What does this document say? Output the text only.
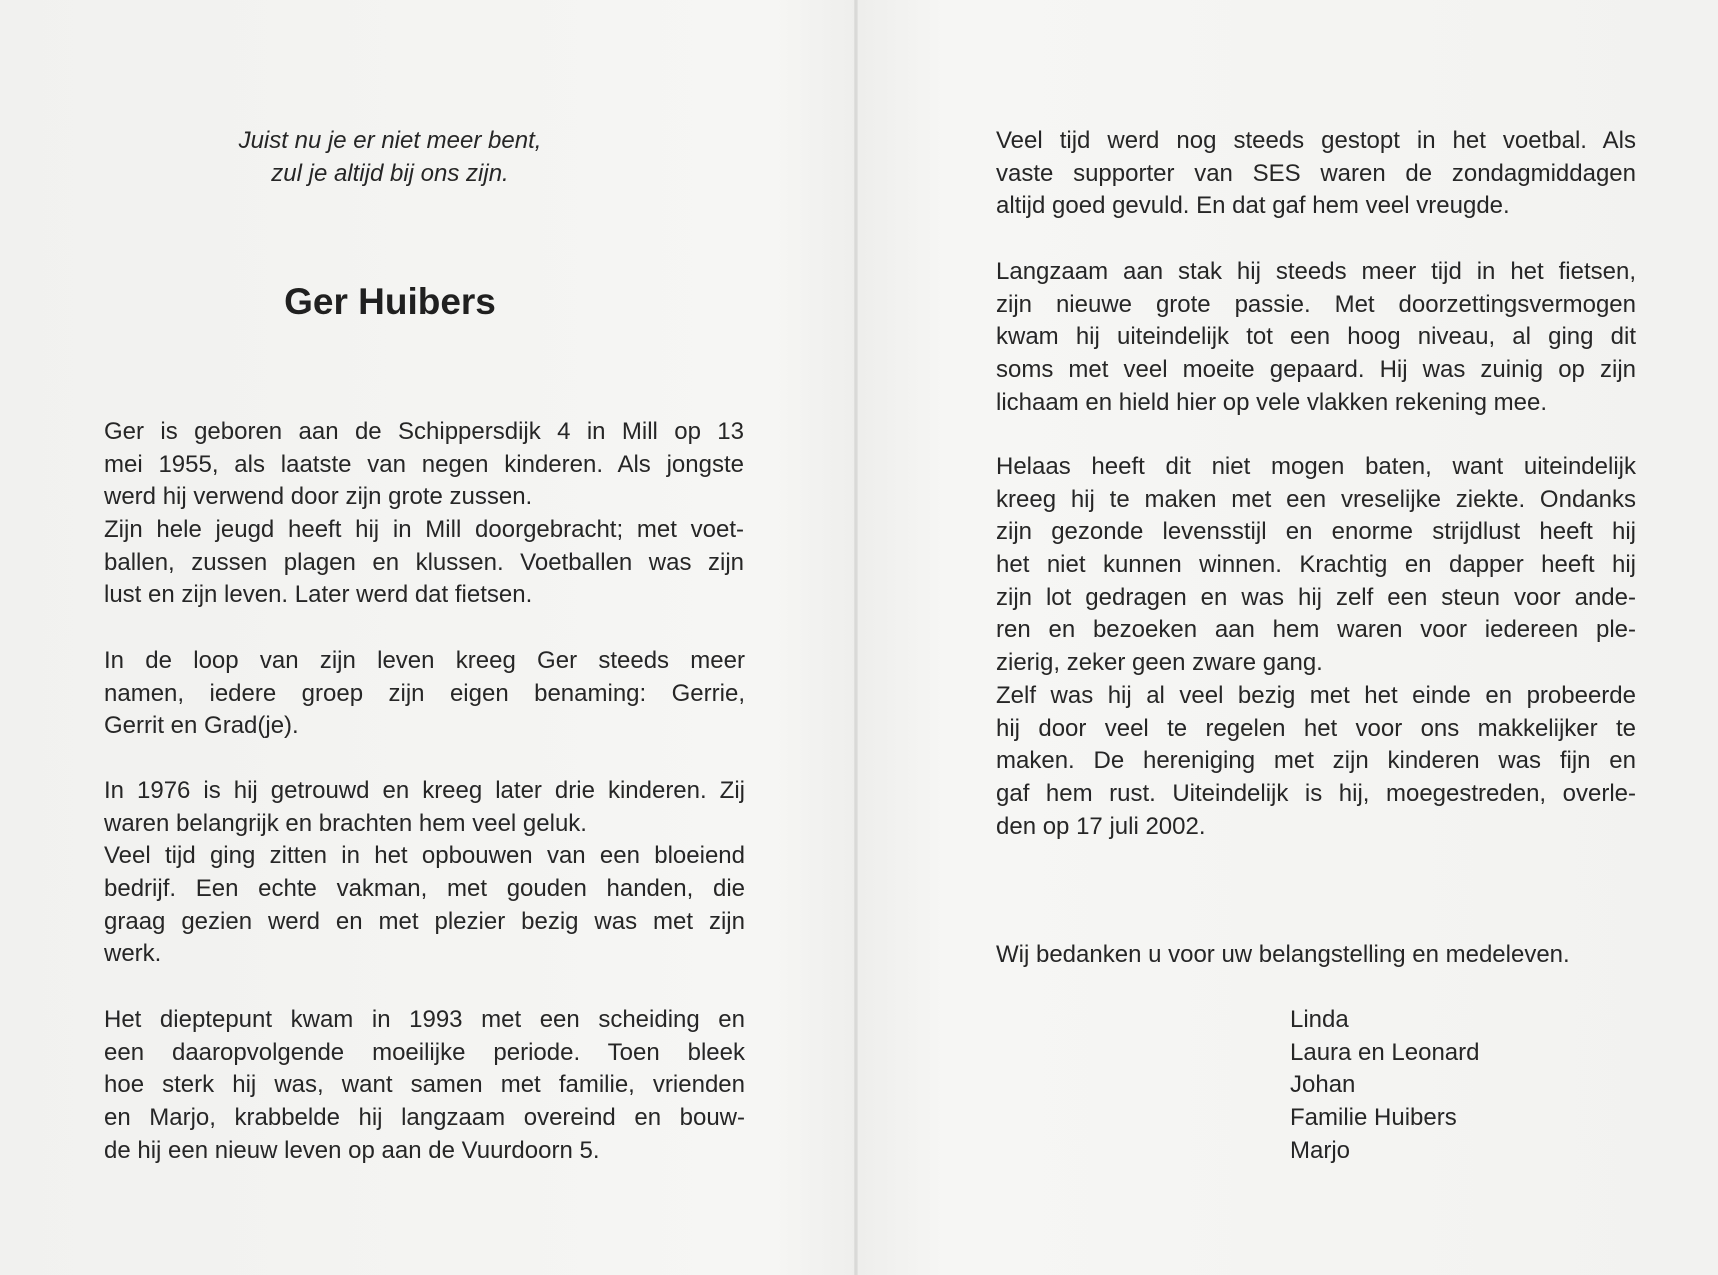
Juist nu je er niet meer bent,
zul je altijd bij ons zijn.
Ger Huibers
Ger is geboren aan de Schippersdijk 4 in Mill op 13
mei 1955, als laatste van negen kinderen. Als jongste
werd hij verwend door zijn grote zussen.
Zijn hele jeugd heeft hij in Mill doorgebracht; met voet-
ballen, zussen plagen en klussen. Voetballen was zijn
lust en zijn leven. Later werd dat fietsen.
In de loop van zijn leven kreeg Ger steeds meer
namen, iedere groep zijn eigen benaming: Gerrie,
Gerrit en Grad(je).
In 1976 is hij getrouwd en kreeg later drie kinderen. Zij
waren belangrijk en brachten hem veel geluk.
Veel tijd ging zitten in het opbouwen van een bloeiend
bedrijf. Een echte vakman, met gouden handen, die
graag gezien werd en met plezier bezig was met zijn
werk.
Het dieptepunt kwam in 1993 met een scheiding en
een daaropvolgende moeilijke periode. Toen bleek
hoe sterk hij was, want samen met familie, vrienden
en Marjo, krabbelde hij langzaam overeind en bouw-
de hij een nieuw leven op aan de Vuurdoorn 5.
Veel tijd werd nog steeds gestopt in het voetbal. Als
vaste supporter van SES waren de zondagmiddagen
altijd goed gevuld. En dat gaf hem veel vreugde.
Langzaam aan stak hij steeds meer tijd in het fietsen,
zijn nieuwe grote passie. Met doorzettingsvermogen
kwam hij uiteindelijk tot een hoog niveau, al ging dit
soms met veel moeite gepaard. Hij was zuinig op zijn
lichaam en hield hier op vele vlakken rekening mee.
Helaas heeft dit niet mogen baten, want uiteindelijk
kreeg hij te maken met een vreselijke ziekte. Ondanks
zijn gezonde levensstijl en enorme strijdlust heeft hij
het niet kunnen winnen. Krachtig en dapper heeft hij
zijn lot gedragen en was hij zelf een steun voor ande-
ren en bezoeken aan hem waren voor iedereen ple-
zierig, zeker geen zware gang.
Zelf was hij al veel bezig met het einde en probeerde
hij door veel te regelen het voor ons makkelijker te
maken. De hereniging met zijn kinderen was fijn en
gaf hem rust. Uiteindelijk is hij, moegestreden, overle-
den op 17 juli 2002.
Wij bedanken u voor uw belangstelling en medeleven.
Linda
Laura en Leonard
Johan
Familie Huibers
Marjo
